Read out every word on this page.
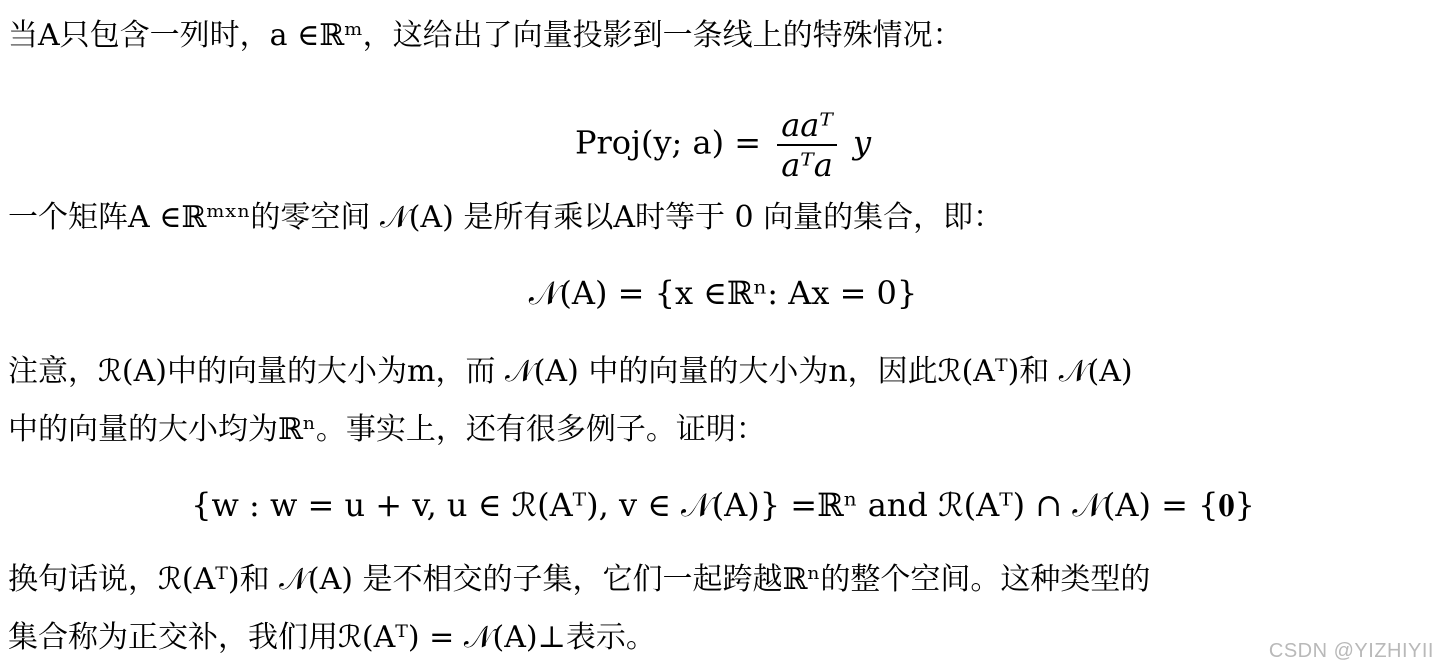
当A只包含一列时，a ∈ℝᵐ，这给出了向量投影到一条线上的特殊情况：
Proj(y; $a) = \frac{\text{aaᵀ}}{\text{aᵀa}}$ y
一个矩阵A ∈ℝᵐˣⁿ的零空间 𝒩(A) 是所有乘以A时等于 0 向量的集合，即：
𝒩(A) = {x ∈ℝⁿ: Ax = 0}
注意，ℛ(A)中的向量的大小为m，而 𝒩(A) 中的向量的大小为n，因此ℛ(Aᵀ)和 𝒩(A)
中的向量的大小均为ℝⁿ。事实上，还有很多例子。证明：
{w : w = u + v, u ∈ ℛ(Aᵀ), v ∈ 𝒩(A)} =ℝⁿ and ℛ(Aᵀ) ∩ 𝒩(A) = {𝟎}
换句话说，ℛ(Aᵀ)和 𝒩(A) 是不相交的子集，它们一起跨越ℝⁿ的整个空间。这种类型的
集合称为正交补，我们用ℛ(Aᵀ) = 𝒩(A)⊥表示。	CSDN @YIZHIYII
